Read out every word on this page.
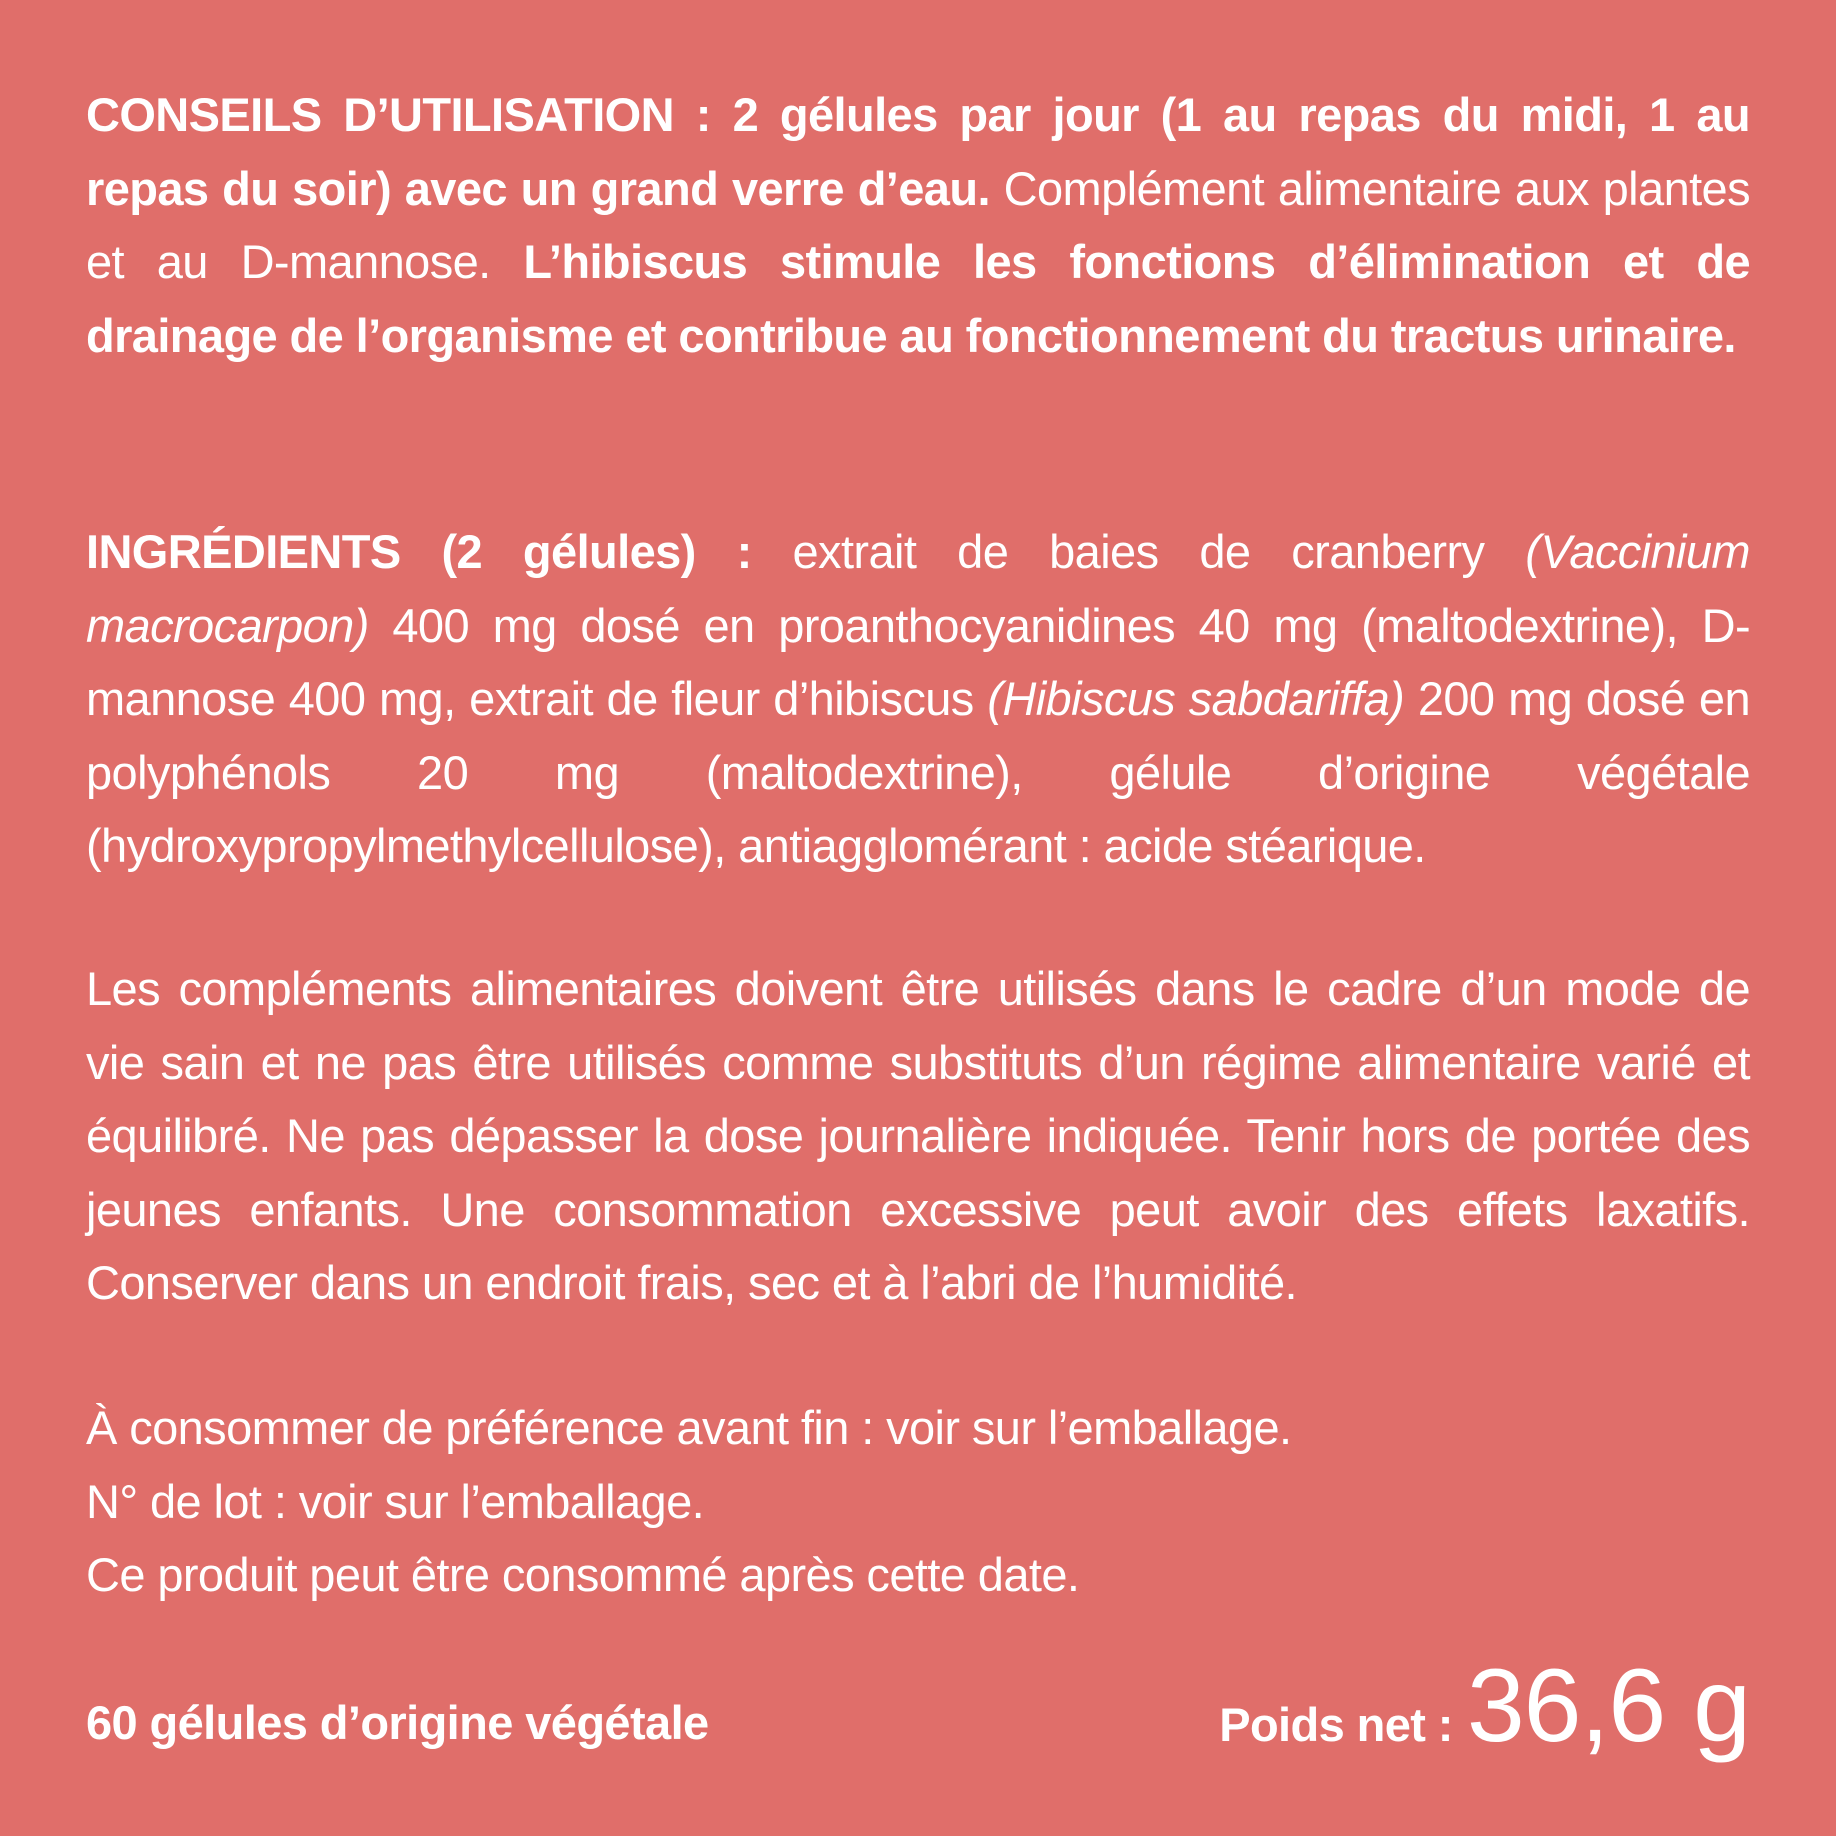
CONSEILS D’UTILISATION : 2 gélules par jour (1 au repas du midi, 1 au repas du soir) avec un grand verre d’eau. Complément alimentaire aux plantes et au D-mannose. L’hibiscus stimule les fonctions d’élimination et de drainage de l’organisme et contribue au fonctionnement du tractus urinaire.

INGRÉDIENTS (2 gélules) : extrait de baies de cranberry (Vaccinium macrocarpon) 400 mg dosé en proanthocyanidines 40 mg (maltodextrine), D-mannose 400 mg, extrait de fleur d’hibiscus (Hibiscus sabdariffa) 200 mg dosé en polyphénols 20 mg (maltodextrine), gélule d’origine végétale (hydroxypropylmethylcellulose), antiagglomérant : acide stéarique.

Les compléments alimentaires doivent être utilisés dans le cadre d’un mode de vie sain et ne pas être utilisés comme substituts d’un régime alimentaire varié et équilibré. Ne pas dépasser la dose journalière indiquée. Tenir hors de portée des jeunes enfants. Une consommation excessive peut avoir des effets laxatifs. Conserver dans un endroit frais, sec et à l’abri de l’humidité.

À consommer de préférence avant fin : voir sur l’emballage.
N° de lot : voir sur l’emballage.
Ce produit peut être consommé après cette date.

60 gélules d’origine végétale	Poids net : 36,6 g
